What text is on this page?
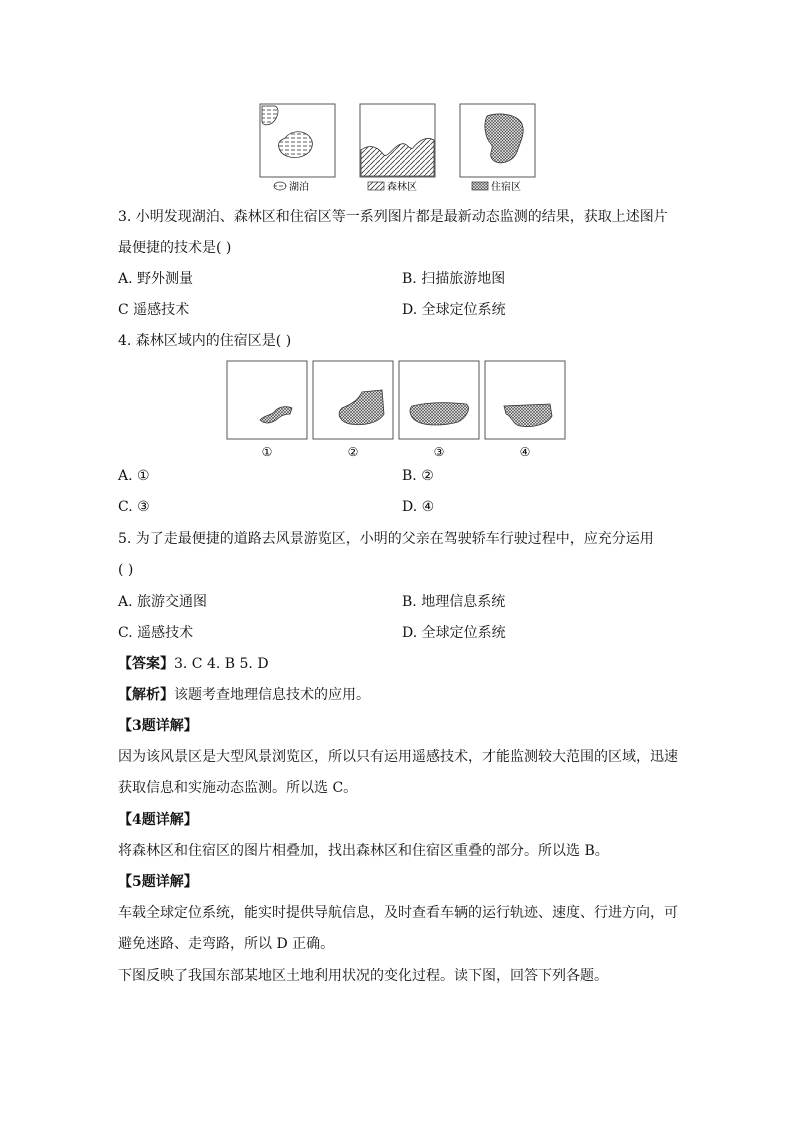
湖泊	森林区	住宿区
3. 小明发现湖泊、森林区和住宿区等一系列图片都是最新动态监测的结果，获取上述图片
最便捷的技术是( )
A. 野外测量	B. 扫描旅游地图
C 遥感技术	D. 全球定位系统
4. 森林区域内的住宿区是( )
①	②	③	④
A. ①	B. ②
C. ③	D. ④
5. 为了走最便捷的道路去风景游览区，小明的父亲在驾驶轿车行驶过程中，应充分运用
( )
A. 旅游交通图	B. 地理信息系统
C. 遥感技术	D. 全球定位系统
【答案】3. C 4. B 5. D
【解析】该题考查地理信息技术的应用。
【3题详解】
因为该风景区是大型风景浏览区，所以只有运用遥感技术，才能监测较大范围的区域，迅速
获取信息和实施动态监测。所以选 C。
【4题详解】
将森林区和住宿区的图片相叠加，找出森林区和住宿区重叠的部分。所以选 B。
【5题详解】
车载全球定位系统，能实时提供导航信息，及时查看车辆的运行轨迹、速度、行进方向，可
避免迷路、走弯路，所以 D 正确。
下图反映了我国东部某地区土地利用状况的变化过程。读下图，回答下列各题。
